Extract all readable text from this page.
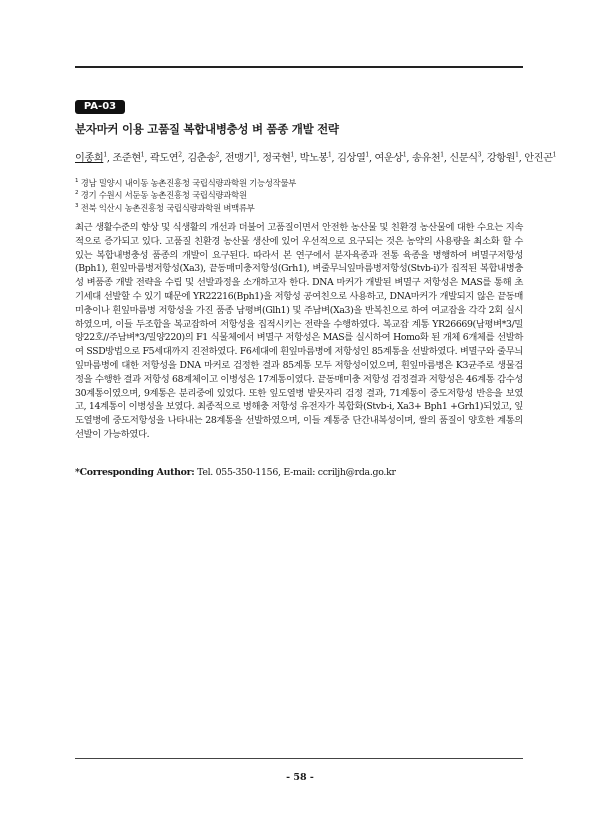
PA-03
분자마커 이용 고품질 복합내병충성 벼 품종 개발 전략
이종희$^1$, 조준현$^1$, 곽도연$^2$, 김춘송$^2$, 전맹기$^1$, 정국현$^1$, 박노봉$^1$, 김상열$^1$, 여운상$^1$, 송유천$^1$, 신문식$^3$, 강항원$^1$, 안진곤$^1$
$^1$ 경남 밀양시 내이동 농촌진흥청 국립식량과학원 기능성작물부
$^2$ 경기 수원시 서둔동 농촌진흥청 국립식량과학원
$^3$ 전북 익산시 농촌진흥청 국립식량과학원 벼맥류부
최근 생활수준의 향상 및 식생활의 개선과 더불어 고품질이면서 안전한 농산물 및 친환경 농산물에 대한 수요는 지속적으로 증가되고 있다. 고품질 친환경 농산물 생산에 있어 우선적으로 요구되는 것은 농약의 사용량을 최소화 할 수 있는 복합내병충성 품종의 개발이 요구된다. 따라서 본 연구에서 분자육종과 전통 육종을 병행하여 벼멸구저항성(Bph1), 흰잎마름병저항성(Xa3), 끝동매미충저항성(Grh1), 벼줄무늬잎마름병저항성(Stvb-i)가 집적된 복합내병충성 벼품종 개발 전략을 수립 및 선발과정을 소개하고자 한다. DNA 마커가 개발된 벼멸구 저항성은 MAS를 통해 초기세대 선발할 수 있기 때문에 YR22216(Bph1)을 저항성 공여친으로 사용하고, DNA마커가 개발되지 않은 끝동매미충이나 흰잎마름병 저항성을 가진 품종 남평벼(Glh1) 및 주남벼(Xa3)을 반복친으로 하여 여교잡을 각각 2회 실시하였으며, 이들 두조합을 복교잡하여 저항성을 집적시키는 전략을 수행하였다. 복교잡 계통 YR26669(남평벼*3/밀양22호//주남벼*3/밀양220)의 F1 식물체에서 벼멸구 저항성은 MAS를 실시하여 Homo화 된 개체 6개체를 선발하여 SSD방법으로 F5세대까지 진전하였다. F6세대에 흰잎마름병에 저항성인 85계통을 선발하였다. 벼멸구와 줄무늬잎마름병에 대한 저항성을 DNA 마커로 검정한 결과 85계통 모두 저항성이었으며, 흰잎마름병은 K3균주로 생물검정을 수행한 결과 저항성 68계체이고 이병성은 17계통이였다. 끝동매미충 저항성 검정결과 저항성은 46계통 감수성 30계통이였으며, 9계통은 분리중에 있었다. 또한 잎도열병 밭못자리 검정 결과, 71계통이 중도저항성 반응을 보였고, 14계통이 이병성을 보였다. 최종적으로 병해충 저항성 유전자가 복합화(Stvb-i, Xa3+ Bph1 +Grh1)되었고, 잎도열병에 중도저항성을 나타내는 28계통을 선발하였으며, 이들 계통중 단간내복성이며, 쌀의 품질이 양호한 계통의 선발이 가능하였다.
*Corresponding Author: Tel. 055-350-1156, E-mail: ccriljh@rda.go.kr
- 58 -
